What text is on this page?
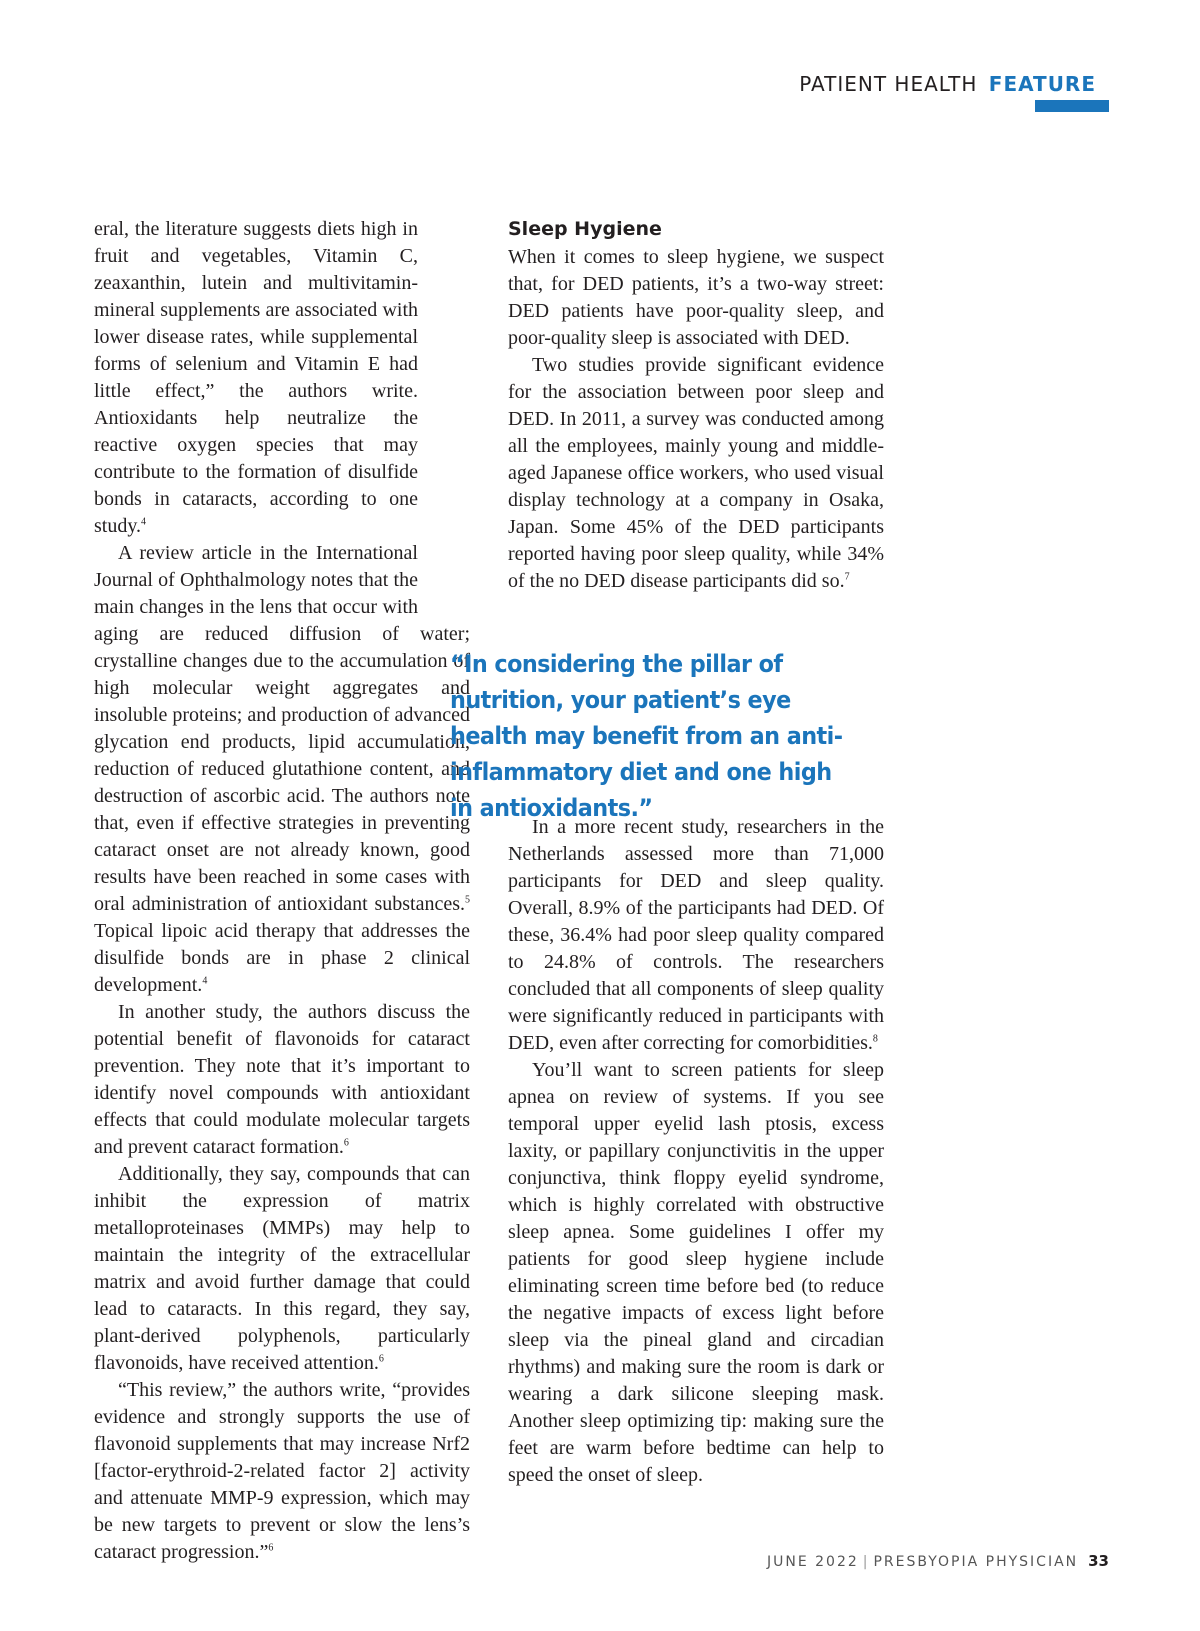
PATIENT HEALTH FEATURE

eral, the literature suggests diets high in fruit and vegetables, Vitamin C, zeaxanthin, lutein and multivitamin-mineral supplements are associated with lower disease rates, while supplemental forms of selenium and Vitamin E had little effect,” the authors write. Antioxidants help neutralize the reactive oxygen species that may contribute to the formation of disulfide bonds in cataracts, according to one study.$^4$

A review article in the International Journal of Ophthalmology notes that the main changes in the lens that occur with aging are reduced diffusion of water; crystalline changes due to the accumulation of high molecular weight aggregates and insoluble proteins; and production of advanced glycation end products, lipid accumulation, reduction of reduced glutathione content, and destruction of ascorbic acid. The authors note that, even if effective strategies in preventing cataract onset are not already known, good results have been reached in some cases with oral administration of antioxidant substances.$^5$ Topical lipoic acid therapy that addresses the disulfide bonds are in phase 2 clinical development.$^4$

In another study, the authors discuss the potential benefit of flavonoids for cataract prevention. They note that it’s important to identify novel compounds with antioxidant effects that could modulate molecular targets and prevent cataract formation.$^6$

Additionally, they say, compounds that can inhibit the expression of matrix metalloproteinases (MMPs) may help to maintain the integrity of the extracellular matrix and avoid further damage that could lead to cataracts. In this regard, they say, plant-derived polyphenols, particularly flavonoids, have received attention.$^6$

“This review,” the authors write, “provides evidence and strongly supports the use of flavonoid supplements that may increase Nrf2 [factor-erythroid-2-related factor 2] activity and attenuate MMP-9 expression, which may be new targets to prevent or slow the lens’s cataract progression.”$^6$

Sleep Hygiene

When it comes to sleep hygiene, we suspect that, for DED patients, it’s a two-way street: DED patients have poor-quality sleep, and poor-quality sleep is associated with DED.

Two studies provide significant evidence for the association between poor sleep and DED. In 2011, a survey was conducted among all the employees, mainly young and middle-aged Japanese office workers, who used visual display technology at a company in Osaka, Japan. Some 45% of the DED participants reported having poor sleep quality, while 34% of the no DED disease participants did so.$^7$

“In considering the pillar of nutrition, your patient’s eye health may benefit from an anti-inflammatory diet and one high in antioxidants.”

In a more recent study, researchers in the Netherlands assessed more than 71,000 participants for DED and sleep quality. Overall, 8.9% of the participants had DED. Of these, 36.4% had poor sleep quality compared to 24.8% of controls. The researchers concluded that all components of sleep quality were significantly reduced in participants with DED, even after correcting for comorbidities.$^8$

You’ll want to screen patients for sleep apnea on review of systems. If you see temporal upper eyelid lash ptosis, excess laxity, or papillary conjunctivitis in the upper conjunctiva, think floppy eyelid syndrome, which is highly correlated with obstructive sleep apnea. Some guidelines I offer my patients for good sleep hygiene include eliminating screen time before bed (to reduce the negative impacts of excess light before sleep via the pineal gland and circadian rhythms) and making sure the room is dark or wearing a dark silicone sleeping mask. Another sleep optimizing tip: making sure the feet are warm before bedtime can help to speed the onset of sleep.

JUNE 2022 | PRESBYOPIA PHYSICIAN 33
